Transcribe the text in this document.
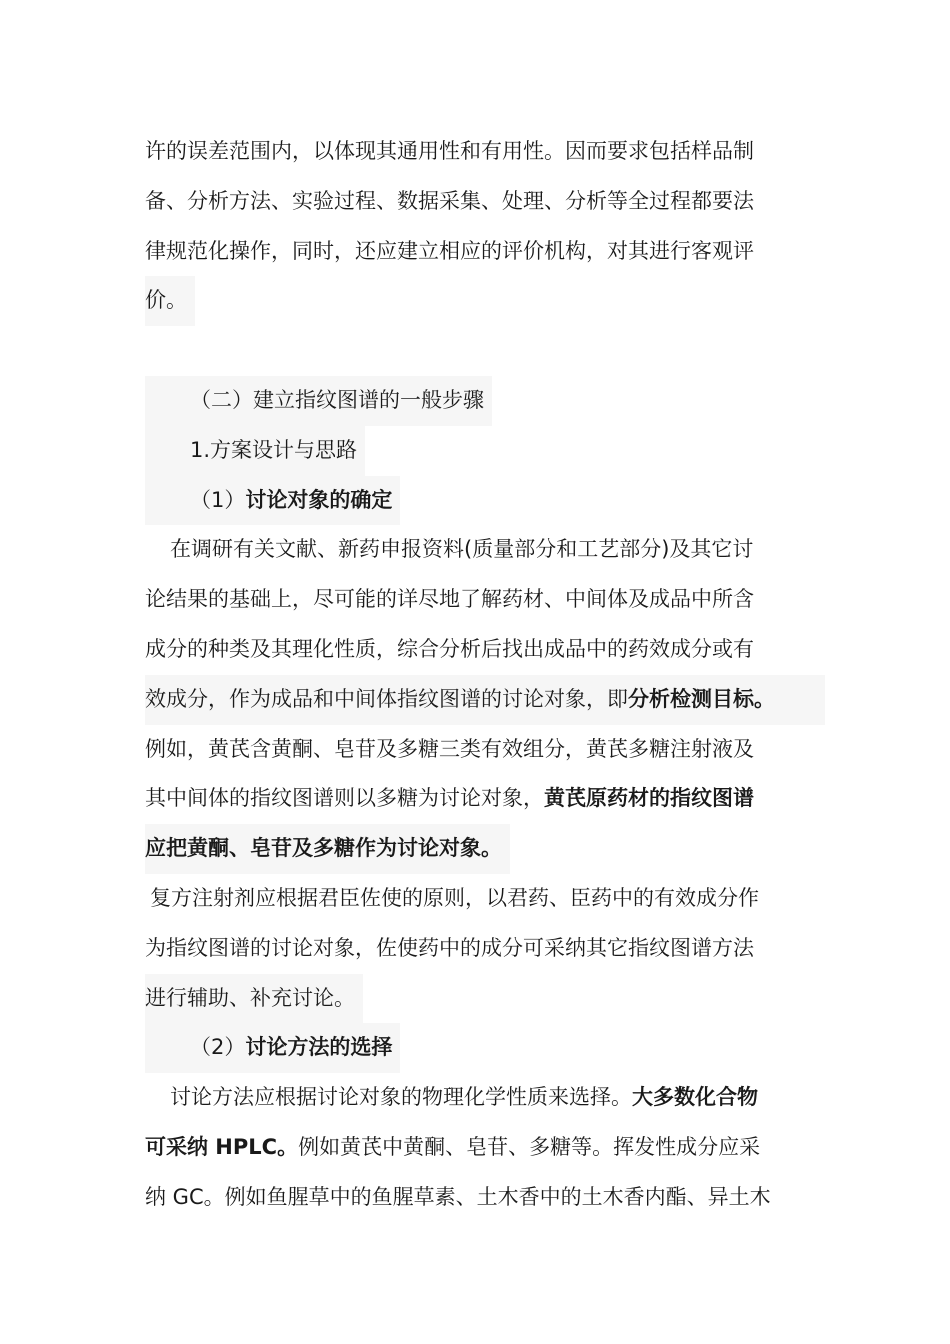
许的误差范围内，以体现其通用性和有用性。因而要求包括样品制
备、分析方法、实验过程、数据采集、处理、分析等全过程都要法
律规范化操作，同时，还应建立相应的评价机构，对其进行客观评
价。
（二）建立指纹图谱的一般步骤
1.方案设计与思路
（1）讨论对象的确定
在调研有关文献、新药申报资料(质量部分和工艺部分)及其它讨
论结果的基础上，尽可能的详尽地了解药材、中间体及成品中所含
成分的种类及其理化性质，综合分析后找出成品中的药效成分或有
效成分，作为成品和中间体指纹图谱的讨论对象，即分析检测目标。
例如，黄芪含黄酮、皂苷及多糖三类有效组分，黄芪多糖注射液及
其中间体的指纹图谱则以多糖为讨论对象，黄芪原药材的指纹图谱
应把黄酮、皂苷及多糖作为讨论对象。
复方注射剂应根据君臣佐使的原则，以君药、臣药中的有效成分作
为指纹图谱的讨论对象，佐使药中的成分可采纳其它指纹图谱方法
进行辅助、补充讨论。
（2）讨论方法的选择
讨论方法应根据讨论对象的物理化学性质来选择。大多数化合物
可采纳 HPLC。例如黄芪中黄酮、皂苷、多糖等。挥发性成分应采
纳 GC。例如鱼腥草中的鱼腥草素、土木香中的土木香内酯、异土木
